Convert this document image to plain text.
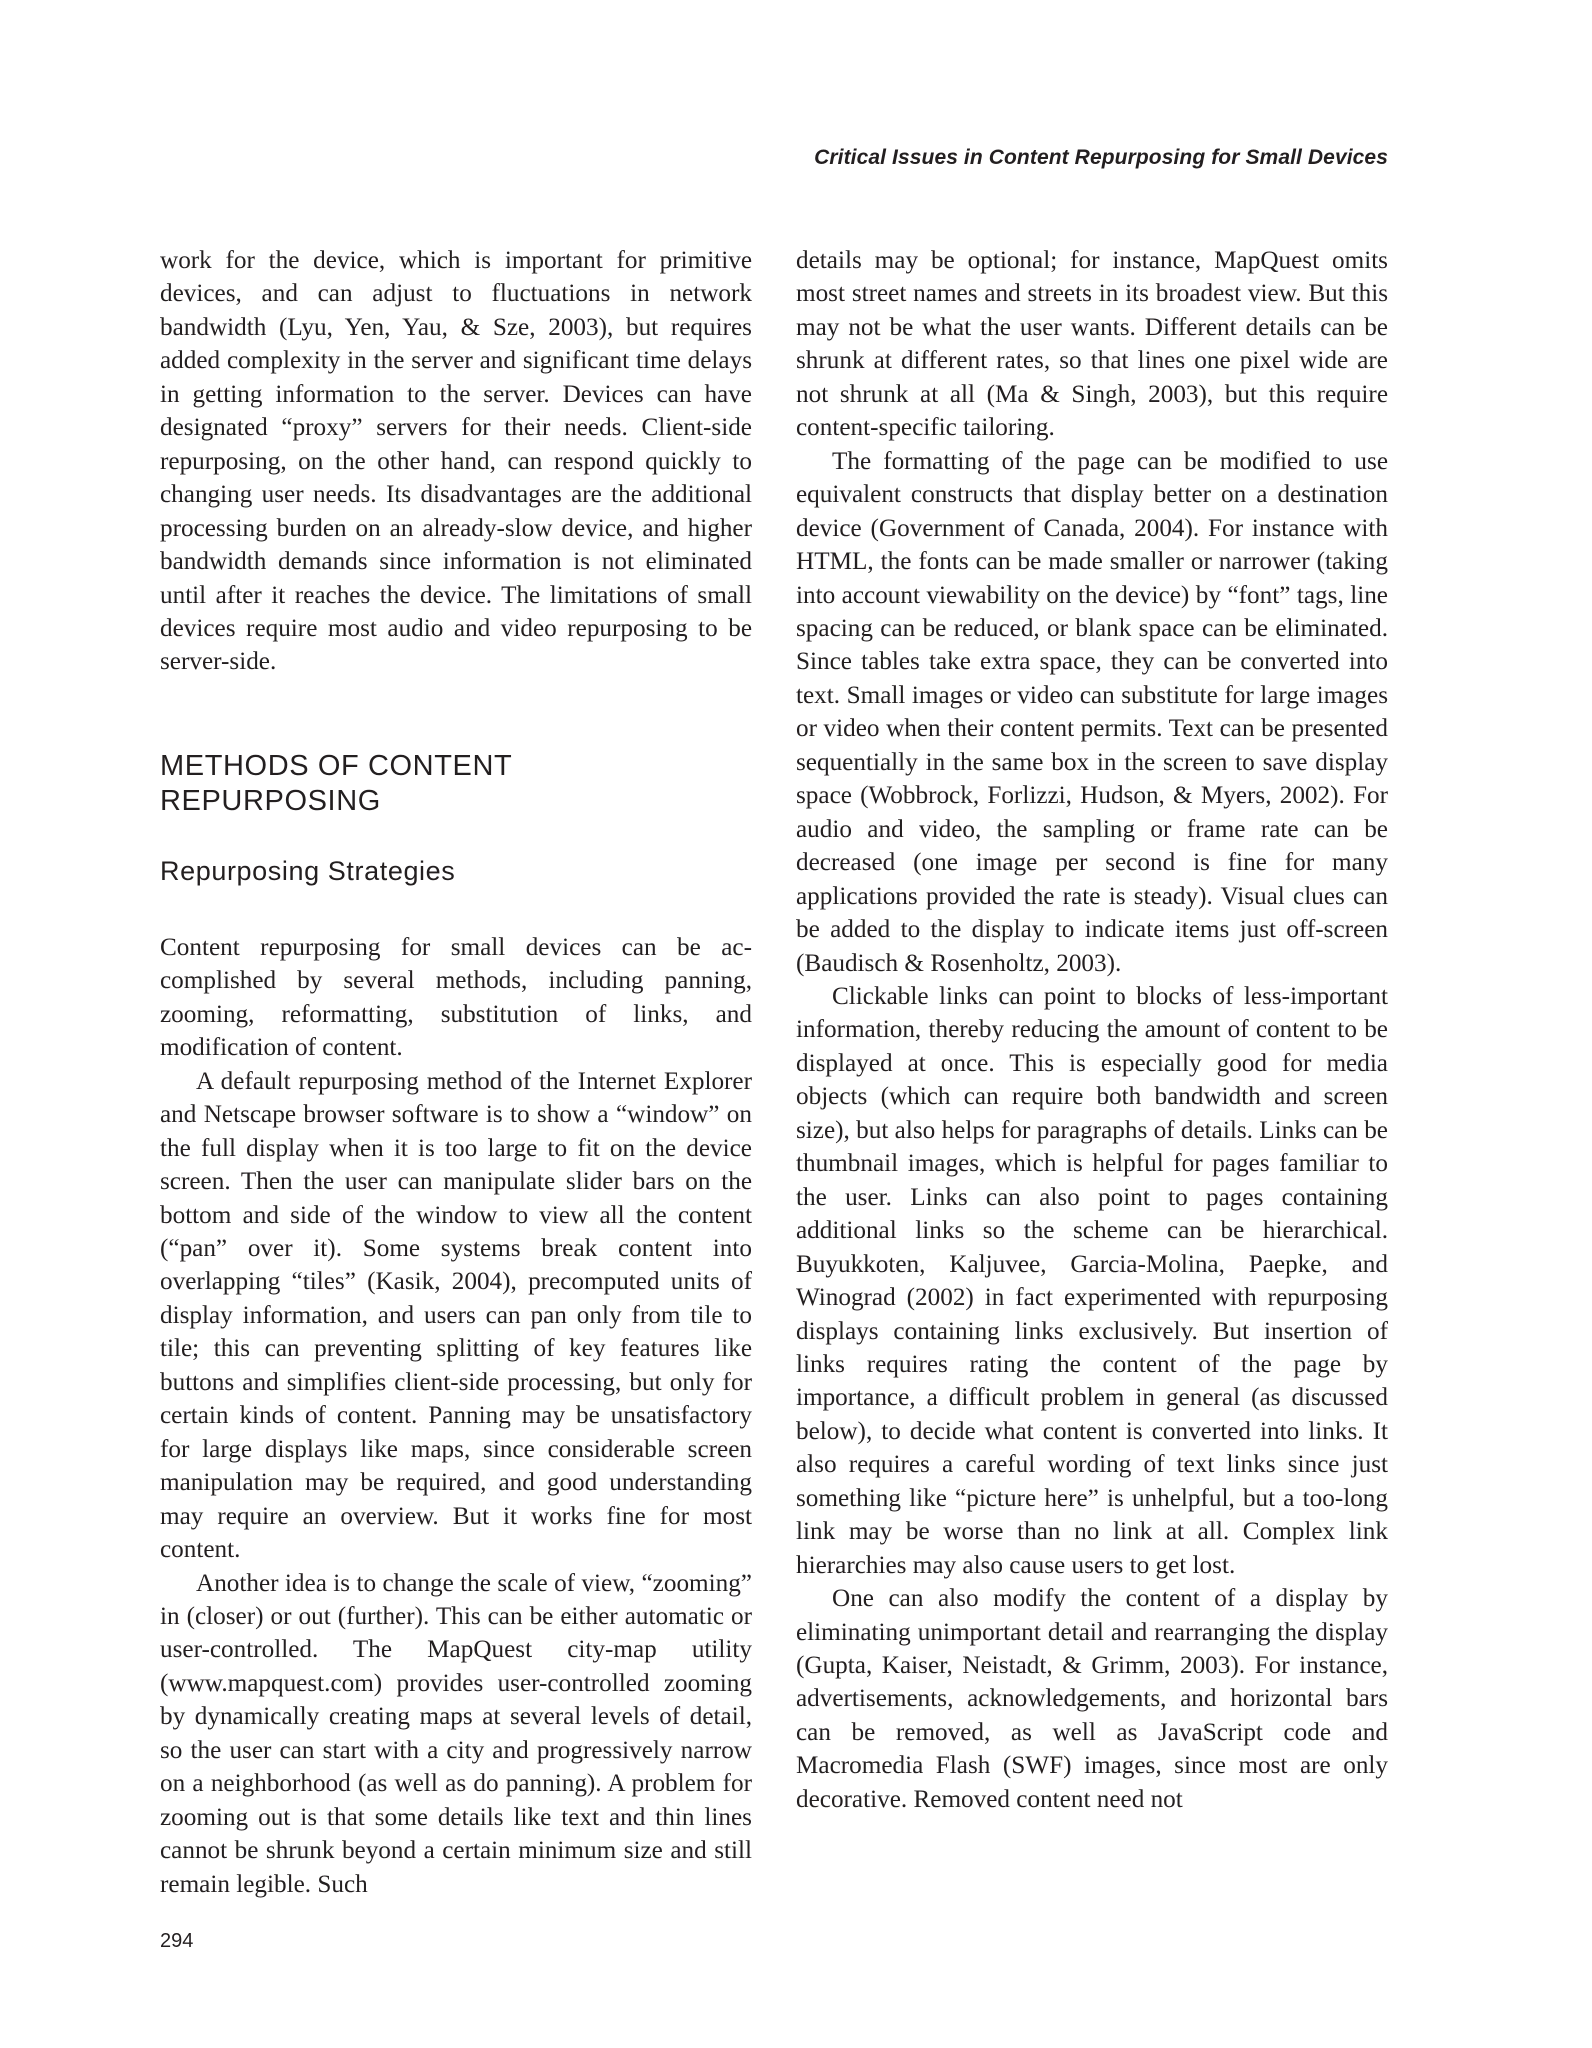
Critical Issues in Content Repurposing for Small Devices

work for the device, which is important for primitive devices, and can adjust to fluctuations in network bandwidth (Lyu, Yen, Yau, & Sze, 2003), but requires added complexity in the server and significant time delays in getting information to the server. Devices can have designated “proxy” servers for their needs. Client-side repurposing, on the other hand, can respond quickly to changing user needs. Its disadvantages are the additional processing burden on an already-slow device, and higher bandwidth demands since information is not eliminated until after it reaches the device. The limitations of small devices require most audio and video repurposing to be server-side.

METHODS OF CONTENT
REPURPOSING
Repurposing Strategies

Content repurposing for small devices can be accomplished by several methods, including panning, zooming, reformatting, substitution of links, and modification of content.

A default repurposing method of the Internet Explorer and Netscape browser software is to show a “window” on the full display when it is too large to fit on the device screen. Then the user can manipulate slider bars on the bottom and side of the window to view all the content (“pan” over it). Some systems break content into overlapping “tiles” (Kasik, 2004), precomputed units of display information, and users can pan only from tile to tile; this can preventing splitting of key features like buttons and simplifies client-side processing, but only for certain kinds of content. Panning may be unsatisfactory for large displays like maps, since considerable screen manipulation may be required, and good understanding may require an overview. But it works fine for most content.

Another idea is to change the scale of view, “zooming” in (closer) or out (further). This can be either automatic or user-controlled. The MapQuest city-map utility (www.mapquest.com) provides user-controlled zooming by dynamically creating maps at several levels of detail, so the user can start with a city and progressively narrow on a neighborhood (as well as do panning). A problem for zooming out is that some details like text and thin lines cannot be shrunk beyond a certain minimum size and still remain legible. Such

details may be optional; for instance, MapQuest omits most street names and streets in its broadest view. But this may not be what the user wants. Different details can be shrunk at different rates, so that lines one pixel wide are not shrunk at all (Ma & Singh, 2003), but this require content-specific tailoring.

The formatting of the page can be modified to use equivalent constructs that display better on a destination device (Government of Canada, 2004). For instance with HTML, the fonts can be made smaller or narrower (taking into account viewability on the device) by “font” tags, line spacing can be reduced, or blank space can be eliminated. Since tables take extra space, they can be converted into text. Small images or video can substitute for large images or video when their content permits. Text can be presented sequentially in the same box in the screen to save display space (Wobbrock, Forlizzi, Hudson, & Myers, 2002). For audio and video, the sampling or frame rate can be decreased (one image per second is fine for many applications provided the rate is steady). Visual clues can be added to the display to indicate items just off-screen (Baudisch & Rosenholtz, 2003).

Clickable links can point to blocks of less-important information, thereby reducing the amount of content to be displayed at once. This is especially good for media objects (which can require both bandwidth and screen size), but also helps for paragraphs of details. Links can be thumbnail images, which is helpful for pages familiar to the user. Links can also point to pages containing additional links so the scheme can be hierarchical. Buyukkoten, Kaljuvee, Garcia-Molina, Paepke, and Winograd (2002) in fact experimented with repurposing displays containing links exclusively. But insertion of links requires rating the content of the page by importance, a difficult problem in general (as discussed below), to decide what content is converted into links. It also requires a careful wording of text links since just something like “picture here” is unhelpful, but a too-long link may be worse than no link at all. Complex link hierarchies may also cause users to get lost.

One can also modify the content of a display by eliminating unimportant detail and rearranging the display (Gupta, Kaiser, Neistadt, & Grimm, 2003). For instance, advertisements, acknowledgements, and horizontal bars can be removed, as well as JavaScript code and Macromedia Flash (SWF) images, since most are only decorative. Removed content need not

294
